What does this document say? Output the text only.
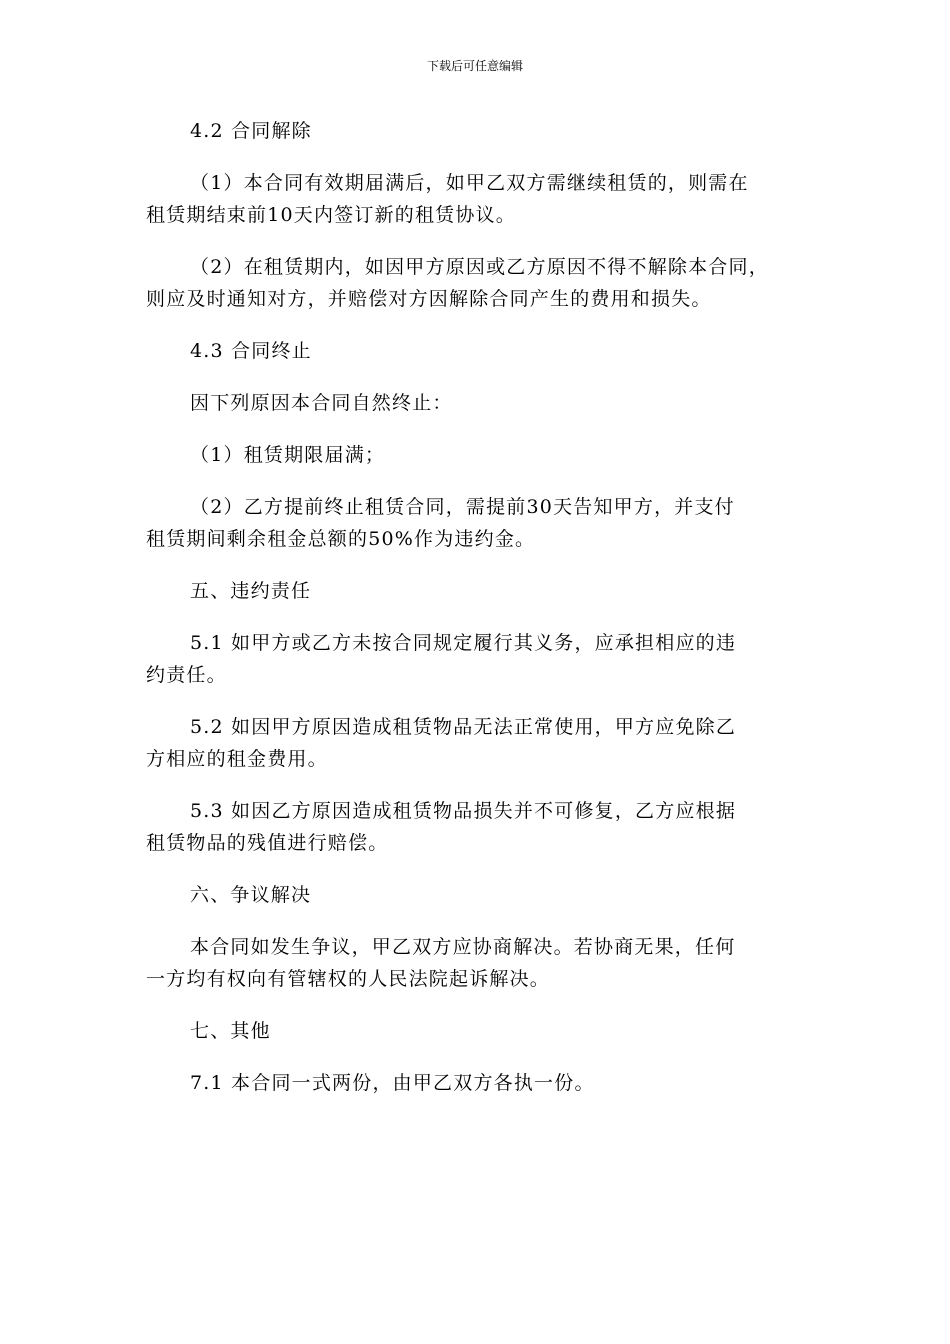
下载后可任意编辑
4.2 合同解除
（1）本合同有效期届满后，如甲乙双方需继续租赁的，则需在
租赁期结束前10天内签订新的租赁协议。
（2）在租赁期内，如因甲方原因或乙方原因不得不解除本合同，
则应及时通知对方，并赔偿对方因解除合同产生的费用和损失。
4.3 合同终止
因下列原因本合同自然终止：
（1）租赁期限届满；
（2）乙方提前终止租赁合同，需提前30天告知甲方，并支付
租赁期间剩余租金总额的50%作为违约金。
五、违约责任
5.1 如甲方或乙方未按合同规定履行其义务，应承担相应的违
约责任。
5.2 如因甲方原因造成租赁物品无法正常使用，甲方应免除乙
方相应的租金费用。
5.3 如因乙方原因造成租赁物品损失并不可修复，乙方应根据
租赁物品的残值进行赔偿。
六、争议解决
本合同如发生争议，甲乙双方应协商解决。若协商无果，任何
一方均有权向有管辖权的人民法院起诉解决。
七、其他
7.1 本合同一式两份，由甲乙双方各执一份。
